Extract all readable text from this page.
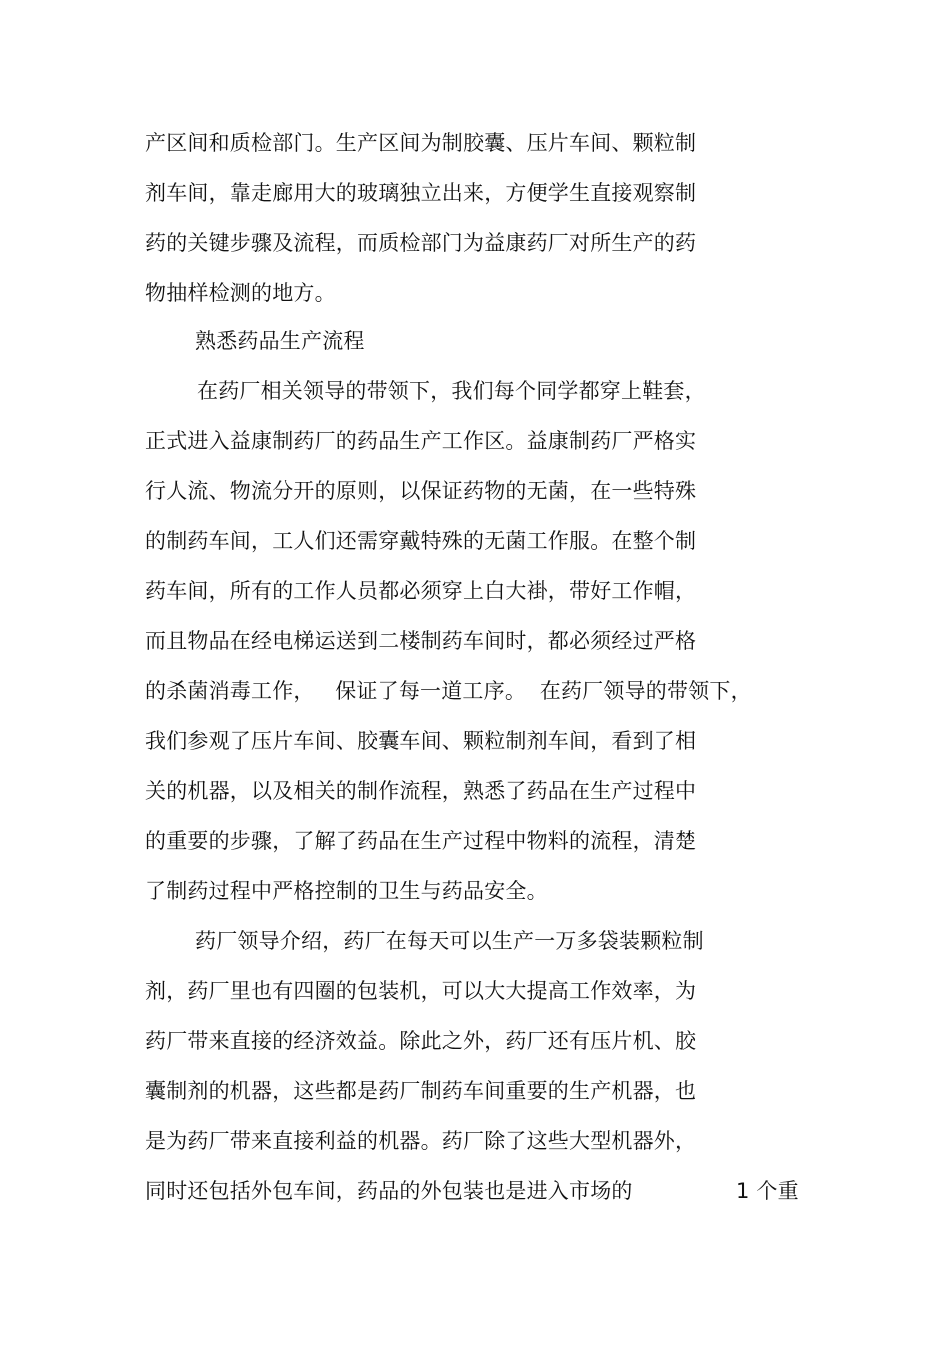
产区间和质检部门。生产区间为制胶囊、压片车间、颗粒制
剂车间，靠走廊用大的玻璃独立出来，方便学生直接观察制
药的关键步骤及流程，而质检部门为益康药厂对所生产的药
物抽样检测的地方。
熟悉药品生产流程
在药厂相关领导的带领下，我们每个同学都穿上鞋套，
正式进入益康制药厂的药品生产工作区。益康制药厂严格实
行人流、物流分开的原则，以保证药物的无菌，在一些特殊
的制药车间，工人们还需穿戴特殊的无菌工作服。在整个制
药车间，所有的工作人员都必须穿上白大褂，带好工作帽，
而且物品在经电梯运送到二楼制药车间时，都必须经过严格
的杀菌消毒工作，   保证了每一道工序。  在药厂领导的带领下，
我们参观了压片车间、胶囊车间、颗粒制剂车间，看到了相
关的机器，以及相关的制作流程，熟悉了药品在生产过程中
的重要的步骤，了解了药品在生产过程中物料的流程，清楚
了制药过程中严格控制的卫生与药品安全。
药厂领导介绍，药厂在每天可以生产一万多袋装颗粒制
剂，药厂里也有四圈的包装机，可以大大提高工作效率，为
药厂带来直接的经济效益。除此之外，药厂还有压片机、胶
囊制剂的机器，这些都是药厂制药车间重要的生产机器，也
是为药厂带来直接利益的机器。药厂除了这些大型机器外，
同时还包括外包车间，药品的外包装也是进入市场的	1 个重
